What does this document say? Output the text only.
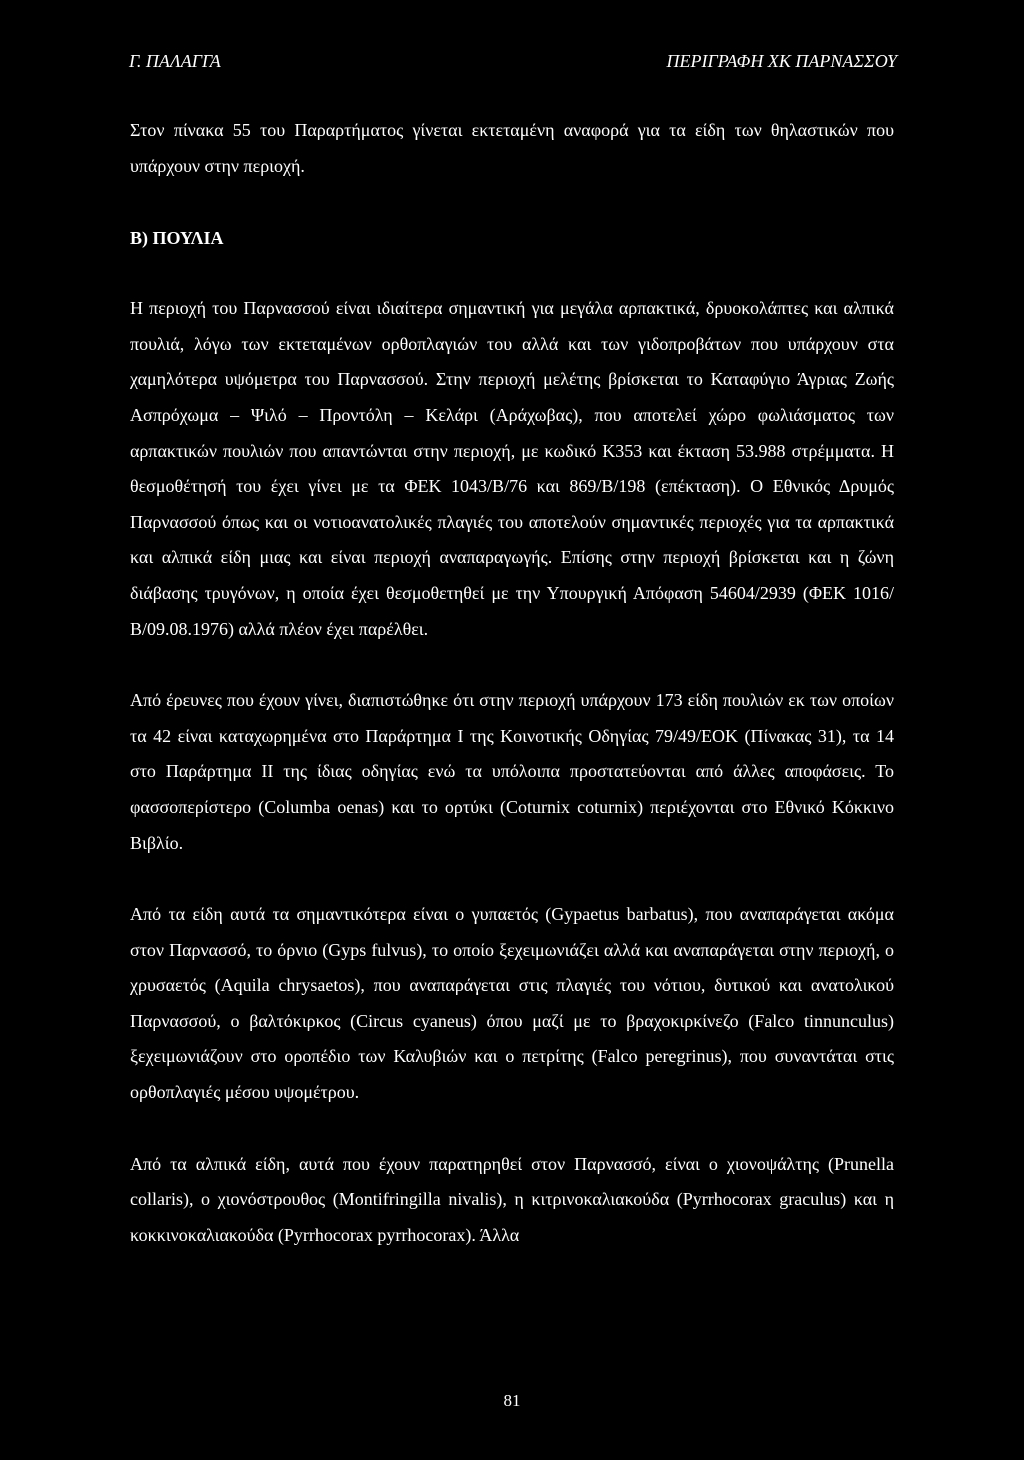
Γ. ΠΑΛΑΓΓΑ	ΠΕΡΙΓΡΑΦΗ ΧΚ ΠΑΡΝΑΣΣΟΥ

Στον πίνακα 55 του Παραρτήματος γίνεται εκτεταμένη αναφορά για τα είδη των θηλαστικών που υπάρχουν στην περιοχή.

Β) ΠΟΥΛΙΑ

Η περιοχή του Παρνασσού είναι ιδιαίτερα σημαντική για μεγάλα αρπακτικά, δρυοκολάπτες και αλπικά πουλιά, λόγω των εκτεταμένων ορθοπλαγιών του αλλά και των γιδοπροβάτων που υπάρχουν στα χαμηλότερα υψόμετρα του Παρνασσού. Στην περιοχή μελέτης βρίσκεται το Καταφύγιο Άγριας Ζωής Ασπρόχωμα – Ψιλό – Προντόλη – Κελάρι (Αράχωβας), που αποτελεί χώρο φωλιάσματος των αρπακτικών πουλιών που απαντώνται στην περιοχή, με κωδικό Κ353 και έκταση 53.988 στρέμματα. Η θεσμοθέτησή του έχει γίνει με τα ΦΕΚ 1043/Β/76 και 869/Β/198 (επέκταση). Ο Εθνικός Δρυμός Παρνασσού όπως και οι νοτιοανατολικές πλαγιές του αποτελούν σημαντικές περιοχές για τα αρπακτικά και αλπικά είδη μιας και είναι περιοχή αναπαραγωγής. Επίσης στην περιοχή βρίσκεται και η ζώνη διάβασης τρυγόνων, η οποία έχει θεσμοθετηθεί με την Υπουργική Απόφαση 54604/2939 (ΦΕΚ 1016/Β/09.08.1976) αλλά πλέον έχει παρέλθει.

Από έρευνες που έχουν γίνει, διαπιστώθηκε ότι στην περιοχή υπάρχουν 173 είδη πουλιών εκ των οποίων τα 42 είναι καταχωρημένα στο Παράρτημα I της Κοινοτικής Οδηγίας 79/49/ΕΟΚ (Πίνακας 31), τα 14 στο Παράρτημα II της ίδιας οδηγίας ενώ τα υπόλοιπα προστατεύονται από άλλες αποφάσεις. Το φασσοπερίστερο (Columba oenas) και το ορτύκι (Coturnix coturnix) περιέχονται στο Εθνικό Κόκκινο Βιβλίο.

Από τα είδη αυτά τα σημαντικότερα είναι ο γυπαετός (Gypaetus barbatus), που αναπαράγεται ακόμα στον Παρνασσό, το όρνιο (Gyps fulvus), το οποίο ξεχειμωνιάζει αλλά και αναπαράγεται στην περιοχή, ο χρυσαετός (Aquila chrysaetos), που αναπαράγεται στις πλαγιές του νότιου, δυτικού και ανατολικού Παρνασσού, ο βαλτόκιρκος (Circus cyaneus) όπου μαζί με το βραχοκιρκίνεζο (Falco tinnunculus) ξεχειμωνιάζουν στο οροπέδιο των Καλυβιών και ο πετρίτης (Falco peregrinus), που συναντάται στις ορθοπλαγιές μέσου υψομέτρου.

Από τα αλπικά είδη, αυτά που έχουν παρατηρηθεί στον Παρνασσό, είναι ο χιονοψάλτης (Prunella collaris), ο χιονόστρουθος (Montifringilla nivalis), η κιτρινοκαλιακούδα (Pyrrhocorax graculus) και η κοκκινοκαλιακούδα (Pyrrhocorax pyrrhocorax). Άλλα

81
